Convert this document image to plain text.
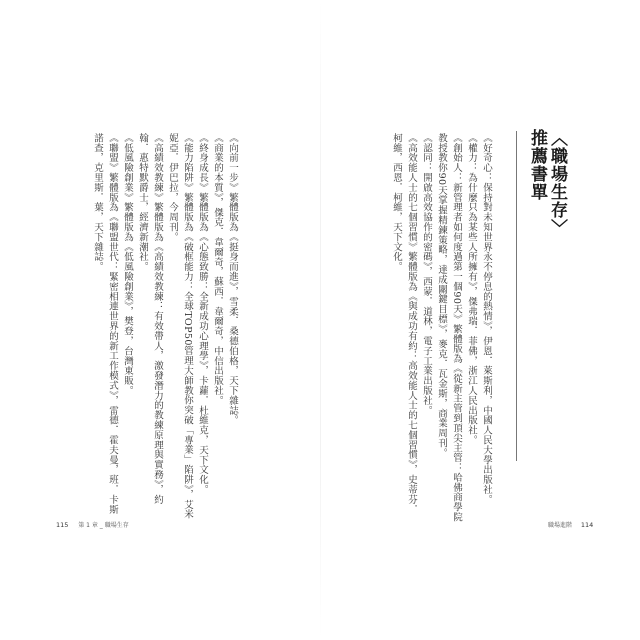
〈職場生存〉
推薦書單
《好奇心：保持對未知世界永不停息的熱情》，伊恩．萊斯利，中國人民大學出版社。
《權力：為什麼只為某些人所擁有》，傑弗瑞．菲佛，浙江人民出版社。
《創始人：新管理者如何度過第一個90天》繁體版為《從新主管到頂尖主管：哈佛商學院
教授教你90天掌握精鍊策略，達成關鍵目標》，麥克．瓦金斯，商業周刊。
《認同：開啟高效協作的密碼》，西蒙．道林，電子工業出版社。
《高效能人士的七個習慣》繁體版為《與成功有約：高效能人士的七個習慣》，史蒂芬．
柯維，西恩．柯維，天下文化。
《向前一步》繁體版為《挺身而進》，雪柔．桑德伯格，天下雜誌。
《商業的本質》，傑克．韋爾奇，蘇西．韋爾奇，中信出版社。
《終身成長》繁體版為《心態致勝：全新成功心理學》，卡蘿．杜維克，天下文化。
《能力陷阱》繁體版為《破框能力：全球TOP50管理大師教你突破「專業」陷阱》，艾米
妮亞．伊巴拉，今周刊。
《高績效教練》繁體版為《高績效教練：有效帶人，激發潛力的教練原理與實務》，約
翰．惠特默爵士，經濟新潮社。
《低風險創業》繁體版為《低風險創業》，樊登，台灣東販。
《聯盟》繁體版為《聯盟世代：緊密相連世界的新工作模式》，雷德．霍夫曼，班．卡斯
諾查，克里斯．葉，天下雜誌。
115 第 1 章 _ 職場生存	職場進階 114
